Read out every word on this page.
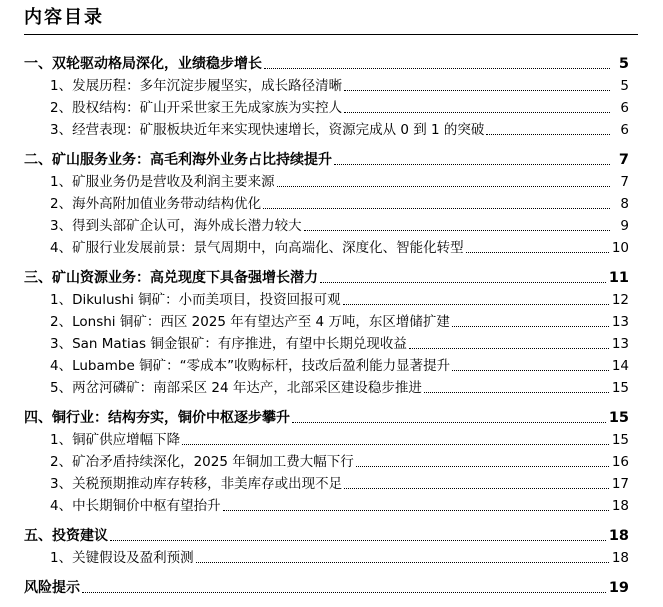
内容目录
一、双轮驱动格局深化，业绩稳步增长	5
1、发展历程：多年沉淀步履坚实，成长路径清晰	5
2、股权结构：矿山开采世家王先成家族为实控人	6
3、经营表现：矿服板块近年来实现快速增长，资源完成从 0 到 1 的突破	6
二、矿山服务业务：高毛利海外业务占比持续提升	7
1、矿服业务仍是营收及利润主要来源	7
2、海外高附加值业务带动结构优化	8
3、得到头部矿企认可，海外成长潜力较大	9
4、矿服行业发展前景：景气周期中，向高端化、深度化、智能化转型	10
三、矿山资源业务：高兑现度下具备强增长潜力	11
1、Dikulushi 铜矿：小而美项目，投资回报可观	12
2、Lonshi 铜矿：西区 2025 年有望达产至 4 万吨，东区增储扩建	13
3、San Matias 铜金银矿：有序推进，有望中长期兑现收益	13
4、Lubambe 铜矿：“零成本”收购标杆，技改后盈利能力显著提升	14
5、两岔河磷矿：南部采区 24 年达产，北部采区建设稳步推进	15
四、铜行业：结构夯实，铜价中枢逐步攀升	15
1、铜矿供应增幅下降	15
2、矿冶矛盾持续深化，2025 年铜加工费大幅下行	16
3、关税预期推动库存转移，非美库存或出现不足	17
4、中长期铜价中枢有望抬升	18
五、投资建议	18
1、关键假设及盈利预测	18
风险提示	19
